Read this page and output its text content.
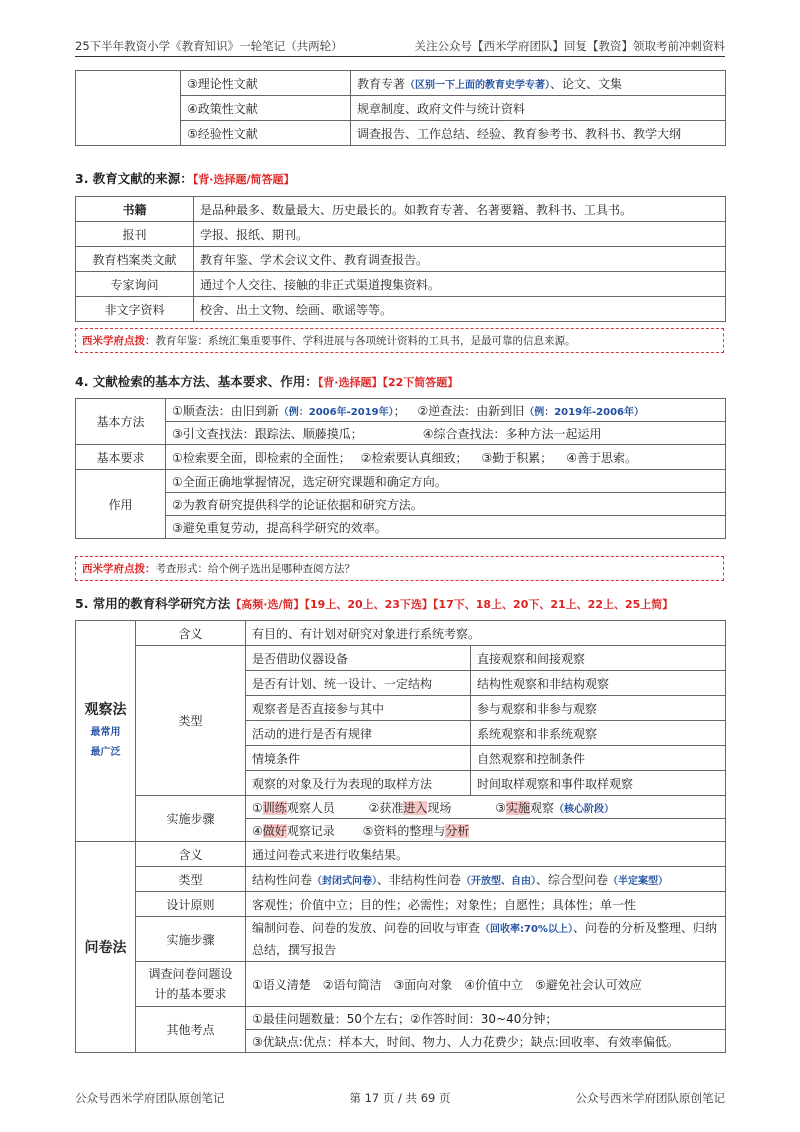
25下半年教资小学《教育知识》一轮笔记（共两轮）	关注公众号【西米学府团队】回复【教资】领取考前冲刺资料
	③理论性文献	教育专著（区别一下上面的教育史学专著）、论文、文集
	④政策性文献	规章制度、政府文件与统计资料
	⑤经验性文献	调查报告、工作总结、经验、教育参考书、教科书、教学大纲
3. 教育文献的来源：【背·选择题/简答题】
书籍	是品种最多、数量最大、历史最长的。如教育专著、名著要籍、教科书、工具书。
报刊	学报、报纸、期刊。
教育档案类文献	教育年鉴、学术会议文件、教育调查报告。
专家询问	通过个人交往、接触的非正式渠道搜集资料。
非文字资料	校舍、出土文物、绘画、歌谣等等。
西米学府点拨：教育年鉴：系统汇集重要事件、学科进展与各项统计资料的工具书，是最可靠的信息来源。
4. 文献检索的基本方法、基本要求、作用：【背·选择题】【22下简答题】
基本方法	①顺查法：由旧到新（例：2006年-2019年）； ②逆查法：由新到旧（例：2019年-2006年）
	③引文查找法：跟踪法、顺藤摸瓜； ④综合查找法：多种方法一起运用
基本要求	①检索要全面，即检索的全面性； ②检索要认真细致； ③勤于积累； ④善于思索。
作用	①全面正确地掌握情况，选定研究课题和确定方向。
	②为教育研究提供科学的论证依据和研究方法。
	③避免重复劳动，提高科学研究的效率。
西米学府点拨：考查形式：给个例子选出是哪种查阅方法？
5. 常用的教育科学研究方法【高频·选/简】【19上、20上、23下选】【17下、18上、20下、21上、22上、25上简】
观察法
最常用
最广泛	含义	有目的、有计划对研究对象进行系统考察。	
	类型	是否借助仪器设备	直接观察和间接观察
		是否有计划、统一设计、一定结构	结构性观察和非结构观察
		观察者是否直接参与其中	参与观察和非参与观察
		活动的进行是否有规律	系统观察和非系统观察
		情境条件	自然观察和控制条件
		观察的对象及行为表现的取样方法	时间取样观察和事件取样观察
	实施步骤	①训练观察人员 ②获准进入现场 ③实施观察（核心阶段）	
		④做好观察记录 ⑤资料的整理与分析	
问卷法	含义	通过问卷式来进行收集结果。	
	类型	结构性问卷（封闭式问卷）、非结构性问卷（开放型、自由）、综合型问卷（半定案型）	
	设计原则	客观性；价值中立；目的性；必需性；对象性；自愿性；具体性；单一性	
	实施步骤	编制问卷、问卷的发放、问卷的回收与审查（回收率:70%以上）、问卷的分析及整理、归纳总结，撰写报告	
	调查问卷问题设
计的基本要求	①语义清楚　②语句简洁　③面向对象　④价值中立　⑤避免社会认可效应	
	其他考点	①最佳问题数量：50个左右；②作答时间：30~40分钟；	
		③优缺点:优点：样本大，时间、物力、人力花费少；缺点:回收率、有效率偏低。	
公众号西米学府团队原创笔记	第 17 页 / 共 69 页	公众号西米学府团队原创笔记
